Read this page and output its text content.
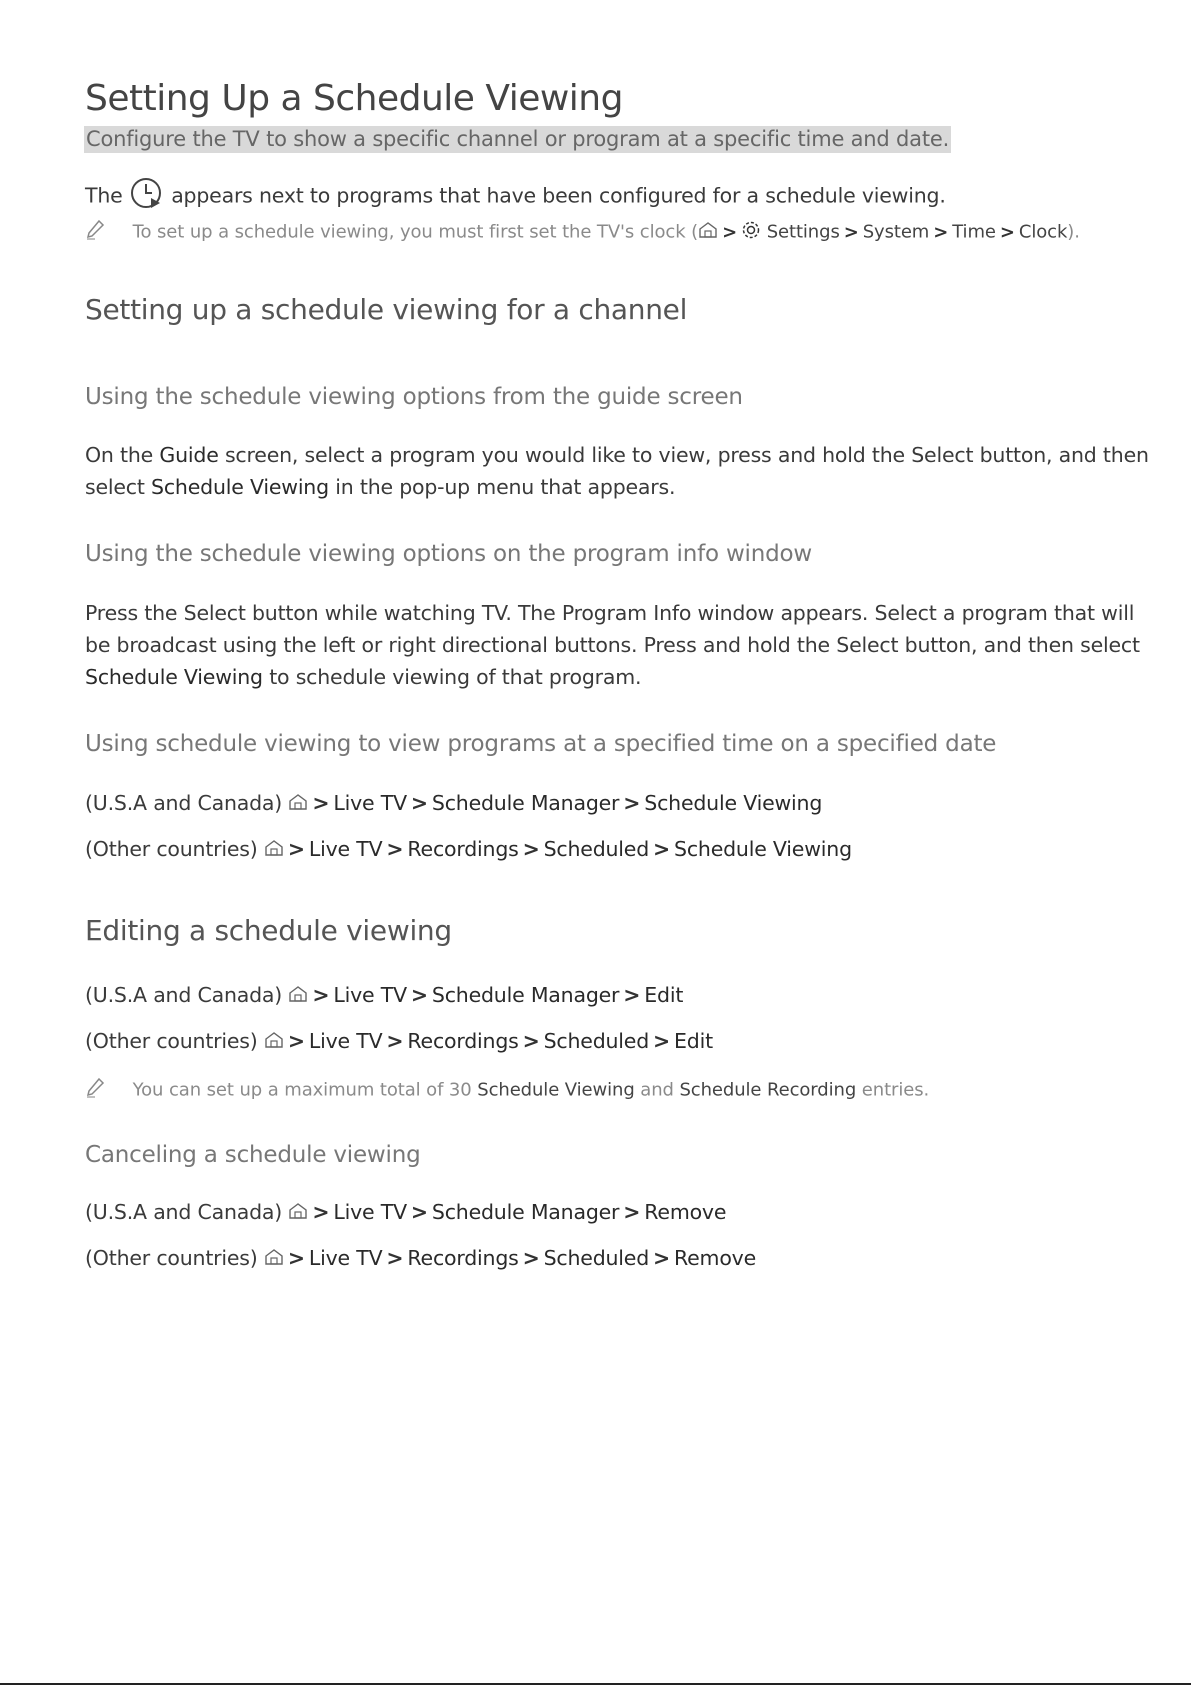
Setting Up a Schedule Viewing
Configure the TV to show a specific channel or program at a specific time and date.
The appears next to programs that have been configured for a schedule viewing.
To set up a schedule viewing, you must first set the TV's clock ( > Settings > System > Time > Clock).
Setting up a schedule viewing for a channel
Using the schedule viewing options from the guide screen
On the Guide screen, select a program you would like to view, press and hold the Select button, and then
select Schedule Viewing in the pop-up menu that appears.
Using the schedule viewing options on the program info window
Press the Select button while watching TV. The Program Info window appears. Select a program that will
be broadcast using the left or right directional buttons. Press and hold the Select button, and then select
Schedule Viewing to schedule viewing of that program.
Using schedule viewing to view programs at a specified time on a specified date
(U.S.A and Canada) > Live TV > Schedule Manager > Schedule Viewing
(Other countries) > Live TV > Recordings > Scheduled > Schedule Viewing
Editing a schedule viewing
(U.S.A and Canada) > Live TV > Schedule Manager > Edit
(Other countries) > Live TV > Recordings > Scheduled > Edit
You can set up a maximum total of 30 Schedule Viewing and Schedule Recording entries.
Canceling a schedule viewing
(U.S.A and Canada) > Live TV > Schedule Manager > Remove
(Other countries) > Live TV > Recordings > Scheduled > Remove
